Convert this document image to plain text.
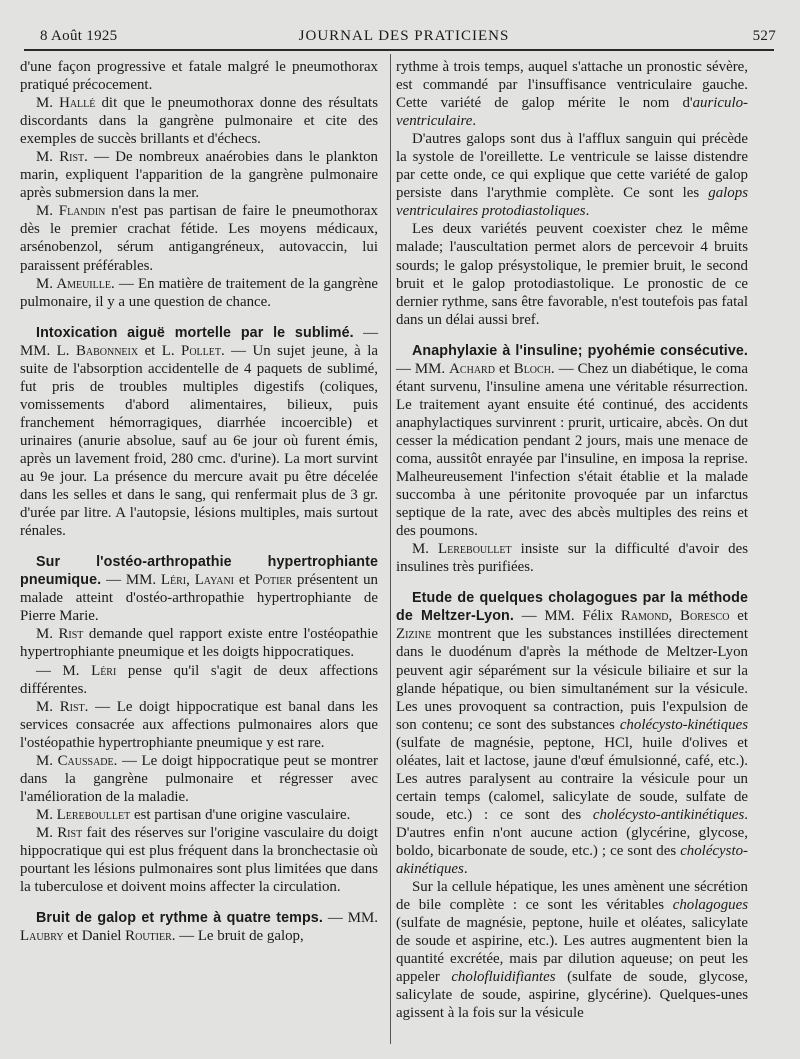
8 Août 1925	JOURNAL DES PRATICIENS	527

d'une façon progressive et fatale malgré le pneumothorax pratiqué précocement.

M. Hallé dit que le pneumothorax donne des résultats discordants dans la gangrène pulmonaire et cite des exemples de succès brillants et d'échecs.

M. Rist. — De nombreux anaérobies dans le plankton marin, expliquent l'apparition de la gangrène pulmonaire après submersion dans la mer.

M. Flandin n'est pas partisan de faire le pneumothorax dès le premier crachat fétide. Les moyens médicaux, arsénobenzol, sérum antigangréneux, autovaccin, lui paraissent préférables.

M. Ameuille. — En matière de traitement de la gangrène pulmonaire, il y a une question de chance.

Intoxication aiguë mortelle par le sublimé. — MM. L. Babonneix et L. Pollet. — Un sujet jeune, à la suite de l'absorption accidentelle de 4 paquets de sublimé, fut pris de troubles multiples digestifs (coliques, vomissements d'abord alimentaires, bilieux, puis franchement hémorragiques, diarrhée incoercible) et urinaires (anurie absolue, sauf au 6e jour où furent émis, après un lavement froid, 280 cmc. d'urine). La mort survint au 9e jour. La présence du mercure avait pu être décelée dans les selles et dans le sang, qui renfermait plus de 3 gr. d'urée par litre. A l'autopsie, lésions multiples, mais surtout rénales.

Sur l'ostéo-arthropathie hypertrophiante pneumique. — MM. Léri, Layani et Potier présentent un malade atteint d'ostéo-arthropathie hypertrophiante de Pierre Marie.

M. Rist demande quel rapport existe entre l'ostéopathie hypertrophiante pneumique et les doigts hippocratiques.

— M. Léri pense qu'il s'agit de deux affections différentes.

M. Rist. — Le doigt hippocratique est banal dans les services consacrée aux affections pulmonaires alors que l'ostéopathie hypertrophiante pneumique y est rare.

M. Caussade. — Le doigt hippocratique peut se montrer dans la gangrène pulmonaire et régresser avec l'amélioration de la maladie.

M. Lereboullet est partisan d'une origine vasculaire.

M. Rist fait des réserves sur l'origine vasculaire du doigt hippocratique qui est plus fréquent dans la bronchectasie où pourtant les lésions pulmonaires sont plus limitées que dans la tuberculose et doivent moins affecter la circulation.

Bruit de galop et rythme à quatre temps. — MM. Laubry et Daniel Routier. — Le bruit de galop,

rythme à trois temps, auquel s'attache un pronostic sévère, est commandé par l'insuffisance ventriculaire gauche. Cette variété de galop mérite le nom d'auriculo-ventriculaire.

D'autres galops sont dus à l'afflux sanguin qui précède la systole de l'oreillette. Le ventricule se laisse distendre par cette onde, ce qui explique que cette variété de galop persiste dans l'arythmie complète. Ce sont les galops ventriculaires protodiastoliques.

Les deux variétés peuvent coexister chez le même malade; l'auscultation permet alors de percevoir 4 bruits sourds; le galop présystolique, le premier bruit, le second bruit et le galop protodiastolique. Le pronostic de ce dernier rythme, sans être favorable, n'est toutefois pas fatal dans un délai aussi bref.

Anaphylaxie à l'insuline; pyohémie consécutive. — MM. Achard et Bloch. — Chez un diabétique, le coma étant survenu, l'insuline amena une véritable résurrection. Le traitement ayant ensuite été continué, des accidents anaphylactiques survinrent : prurit, urticaire, abcès. On dut cesser la médication pendant 2 jours, mais une menace de coma, aussitôt enrayée par l'insuline, en imposa la reprise. Malheureusement l'infection s'était établie et la malade succomba à une péritonite provoquée par un infarctus septique de la rate, avec des abcès multiples des reins et des poumons.

M. Lereboullet insiste sur la difficulté d'avoir des insulines très purifiées.

Etude de quelques cholagogues par la méthode de Meltzer-Lyon. — MM. Félix Ramond, Boresco et Zizine montrent que les substances instillées directement dans le duodénum d'après la méthode de Meltzer-Lyon peuvent agir séparément sur la vésicule biliaire et sur la glande hépatique, ou bien simultanément sur la vésicule. Les unes provoquent sa contraction, puis l'expulsion de son contenu; ce sont des substances cholécysto-kinétiques (sulfate de magnésie, peptone, HCl, huile d'olives et oléates, lait et lactose, jaune d'œuf émulsionné, café, etc.). Les autres paralysent au contraire la vésicule pour un certain temps (calomel, salicylate de soude, sulfate de soude, etc.) : ce sont des cholécysto-antikinétiques. D'autres enfin n'ont aucune action (glycérine, glycose, boldo, bicarbonate de soude, etc.) ; ce sont des cholécysto-akinétiques.

Sur la cellule hépatique, les unes amènent une sécrétion de bile complète : ce sont les véritables cholagogues (sulfate de magnésie, peptone, huile et oléates, salicylate de soude et aspirine, etc.). Les autres augmentent bien la quantité excrétée, mais par dilution aqueuse; on peut les appeler cholofluidifiantes (sulfate de soude, glycose, salicylate de soude, aspirine, glycérine). Quelques-unes agissent à la fois sur la vésicule
